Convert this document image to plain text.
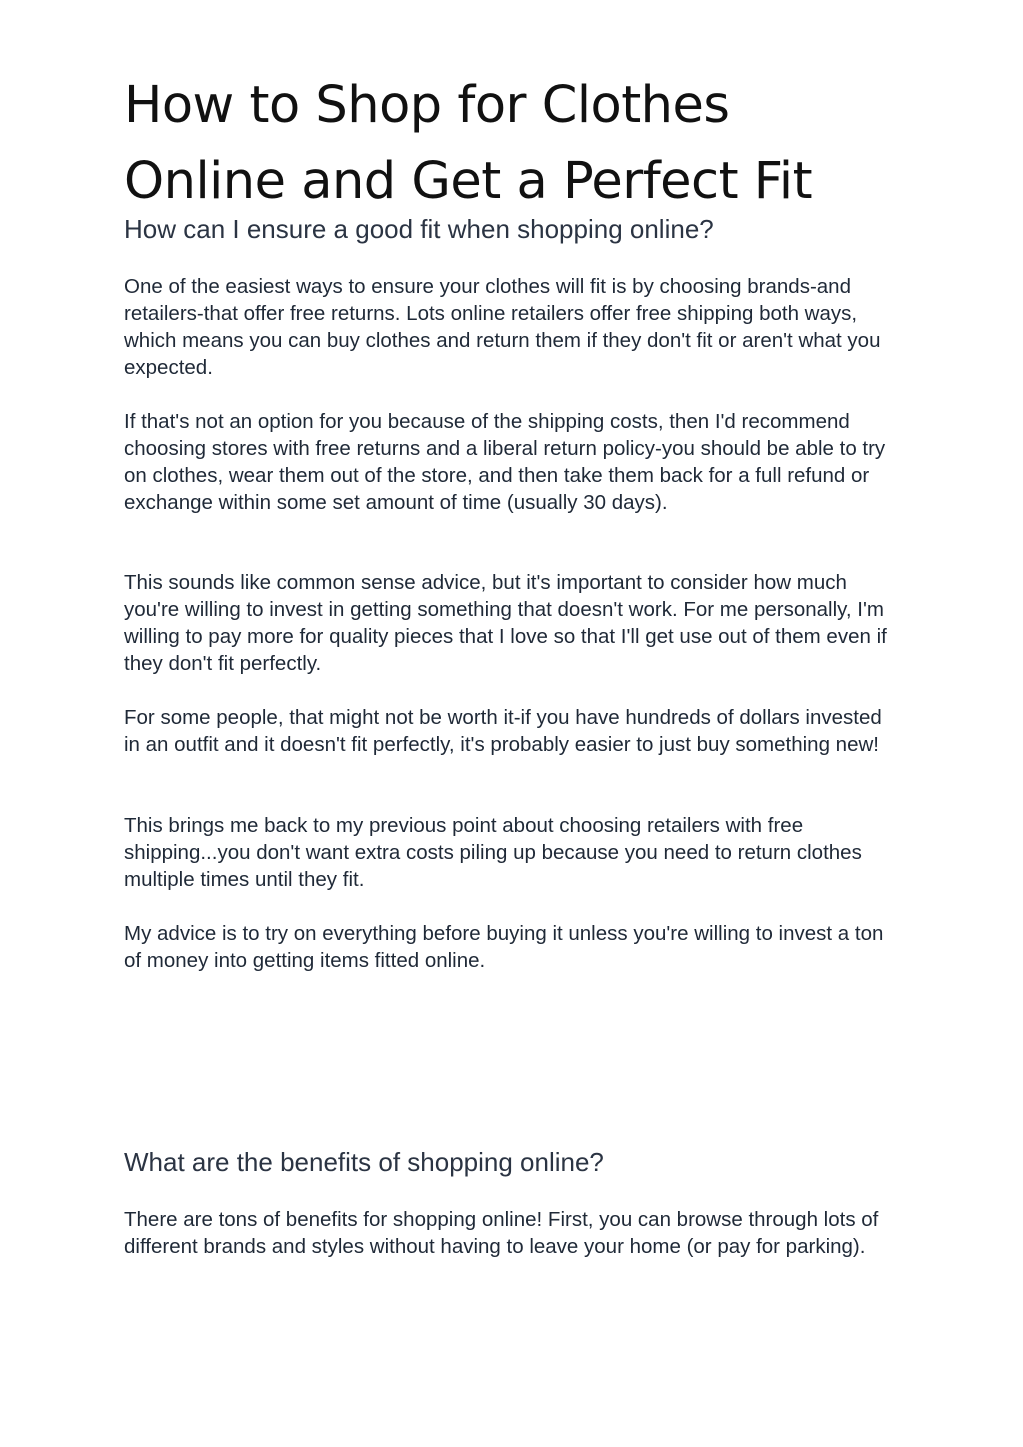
How to Shop for Clothes Online and Get a Perfect Fit
How can I ensure a good fit when shopping online?

One of the easiest ways to ensure your clothes will fit is by choosing brands-and retailers-that offer free returns. Lots online retailers offer free shipping both ways, which means you can buy clothes and return them if they don't fit or aren't what you expected.

If that's not an option for you because of the shipping costs, then I'd recommend choosing stores with free returns and a liberal return policy-you should be able to try on clothes, wear them out of the store, and then take them back for a full refund or exchange within some set amount of time (usually 30 days).

This sounds like common sense advice, but it's important to consider how much you're willing to invest in getting something that doesn't work. For me personally, I'm willing to pay more for quality pieces that I love so that I'll get use out of them even if they don't fit perfectly.

For some people, that might not be worth it-if you have hundreds of dollars invested in an outfit and it doesn't fit perfectly, it's probably easier to just buy something new!

This brings me back to my previous point about choosing retailers with free shipping...you don't want extra costs piling up because you need to return clothes multiple times until they fit.

My advice is to try on everything before buying it unless you're willing to invest a ton of money into getting items fitted online.

What are the benefits of shopping online?

There are tons of benefits for shopping online! First, you can browse through lots of different brands and styles without having to leave your home (or pay for parking).
